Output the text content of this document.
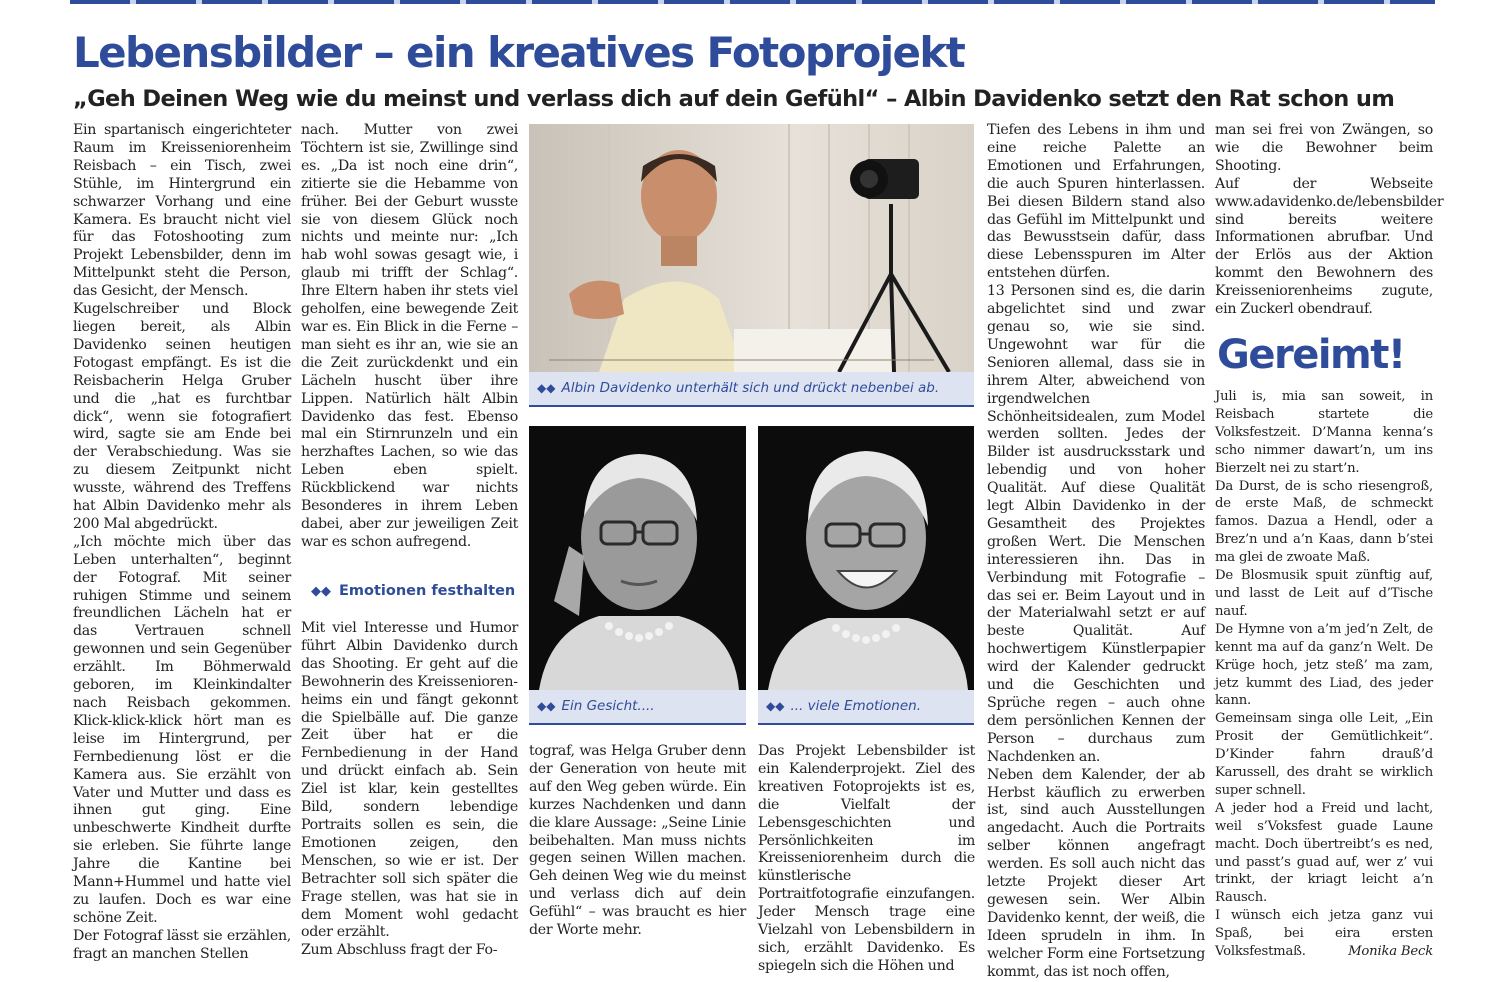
Lebensbilder – ein kreatives Fotoprojekt
„Geh Deinen Weg wie du meinst und verlass dich auf dein Gefühl“ – Albin Davidenko setzt den Rat schon um

Ein spartanisch eingerichteter Raum im Kreisseniorenheim Reisbach – ein Tisch, zwei Stühle, im Hintergrund ein schwarzer Vorhang und eine Kamera. Es braucht nicht viel für das Fotoshooting zum Projekt Lebensbilder, denn im Mittelpunkt steht die Person, das Gesicht, der Mensch.

Kugelschreiber und Block liegen bereit, als Albin Davidenko seinen heutigen Fotogast empfängt. Es ist die Reisbacherin Helga Gruber und die „hat es furchtbar dick“, wenn sie fotografiert wird, sagte sie am Ende bei der Verabschiedung. Was sie zu diesem Zeitpunkt nicht wusste, während des Treffens hat Albin Davidenko mehr als 200 Mal abgedrückt.

„Ich möchte mich über das Leben unterhalten“, beginnt der Fotograf. Mit seiner ruhigen Stimme und seinem freundlichen Lächeln hat er das Vertrauen schnell gewonnen und sein Gegenüber erzählt. Im Böhmerwald geboren, im Kleinkindalter nach Reisbach gekommen. Klick-klick-klick hört man es leise im Hintergrund, per Fernbedienung löst er die Kamera aus. Sie erzählt von Vater und Mutter und dass es ihnen gut ging. Eine unbeschwerte Kindheit durfte sie erleben. Sie führte lange Jahre die Kantine bei Mann+Hummel und hatte viel zu laufen. Doch es war eine schöne Zeit.

Der Fotograf lässt sie erzählen, fragt an manchen Stellen

nach. Mutter von zwei Töchtern ist sie, Zwillinge sind es. „Da ist noch eine drin“, zitierte sie die Hebamme von früher. Bei der Geburt wusste sie von diesem Glück noch nichts und meinte nur: „Ich hab wohl sowas gesagt wie, i glaub mi trifft der Schlag“. Ihre Eltern haben ihr stets viel geholfen, eine bewegende Zeit war es. Ein Blick in die Ferne – man sieht es ihr an, wie sie an die Zeit zurückdenkt und ein Lächeln huscht über ihre Lippen. Natürlich hält Albin Davidenko das fest. Ebenso mal ein Stirnrunzeln und ein herzhaftes Lachen, so wie das Leben eben spielt. Rückblickend war nichts Besonderes in ihrem Leben dabei, aber zur jeweiligen Zeit war es schon aufregend.

◆◆ Emotionen festhalten

Mit viel Interesse und Humor führt Albin Davidenko durch das Shooting. Er geht auf die Bewohnerin des Kreisseniorenheims ein und fängt gekonnt die Spielbälle auf. Die ganze Zeit über hat er die Fernbedienung in der Hand und drückt einfach ab. Sein Ziel ist klar, kein gestelltes Bild, sondern lebendige Portraits sollen es sein, die Emotionen zeigen, den Menschen, so wie er ist. Der Betrachter soll sich später die Frage stellen, was hat sie in dem Moment wohl gedacht oder erzählt.

Zum Abschluss fragt der Fo-

◆◆ Albin Davidenko unterhält sich und drückt nebenbei ab.
◆◆ Ein Gesicht....	◆◆ ... viele Emotionen.

tograf, was Helga Gruber denn der Generation von heute mit auf den Weg geben würde. Ein kurzes Nachdenken und dann die klare Aussage: „Seine Linie beibehalten. Man muss nichts gegen seinen Willen machen. Geh deinen Weg wie du meinst und verlass dich auf dein Gefühl“ – was braucht es hier der Worte mehr.

Das Projekt Lebensbilder ist ein Kalenderprojekt. Ziel des kreativen Fotoprojekts ist es, die Vielfalt der Lebensgeschichten und Persönlichkeiten im Kreisseniorenheim durch die künstlerische Portraitfotografie einzufangen. Jeder Mensch trage eine Vielzahl von Lebensbildern in sich, erzählt Davidenko. Es spiegeln sich die Höhen und

Tiefen des Lebens in ihm und eine reiche Palette an Emotionen und Erfahrungen, die auch Spuren hinterlassen. Bei diesen Bildern stand also das Gefühl im Mittelpunkt und das Bewusstsein dafür, dass diese Lebensspuren im Alter entstehen dürfen.

13 Personen sind es, die darin abgelichtet sind und zwar genau so, wie sie sind. Ungewohnt war für die Senioren allemal, dass sie in ihrem Alter, abweichend von irgendwelchen Schönheitsidealen, zum Model werden sollten. Jedes der Bilder ist ausdrucksstark und lebendig und von hoher Qualität. Auf diese Qualität legt Albin Davidenko in der Gesamtheit des Projektes großen Wert. Die Menschen interessieren ihn. Das in Verbindung mit Fotografie – das sei er. Beim Layout und in der Materialwahl setzt er auf beste Qualität. Auf hochwertigem Künstlerpapier wird der Kalender gedruckt und die Geschichten und Sprüche regen – auch ohne dem persönlichen Kennen der Person – durchaus zum Nachdenken an.

Neben dem Kalender, der ab Herbst käuflich zu erwerben ist, sind auch Ausstellungen angedacht. Auch die Portraits selber können angefragt werden. Es soll auch nicht das letzte Projekt dieser Art gewesen sein. Wer Albin Davidenko kennt, der weiß, die Ideen sprudeln in ihm. In welcher Form eine Fortsetzung kommt, das ist noch offen,

man sei frei von Zwängen, so wie die Bewohner beim Shooting.

Auf der Webseite www.adavidenko.de/lebensbilder sind bereits weitere Informationen abrufbar. Und der Erlös aus der Aktion kommt den Bewohnern des Kreisseniorenheims zugute, ein Zuckerl obendrauf.

Gereimt!

Juli is, mia san soweit, in Reisbach startete die Volksfestzeit. D’Manna kenna’s scho nimmer dawart’n, um ins Bierzelt nei zu start’n.

Da Durst, de is scho riesengroß, de erste Maß, de schmeckt famos. Dazua a Hendl, oder a Brez’n und a’n Kaas, dann b’stei ma glei de zwoate Maß.

De Blosmusik spuit zünftig auf, und lasst de Leit auf d’Tische nauf.

De Hymne von a’m jed’n Zelt, de kennt ma auf da ganz’n Welt. De Krüge hoch, jetz steß’ ma zam, jetz kummt des Liad, des jeder kann.

Gemeinsam singa olle Leit, „Ein Prosit der Gemütlichkeit“. D’Kinder fahrn drauß’d Karussell, des draht se wirklich super schnell.

A jeder hod a Freid und lacht, weil s’Voksfest guade Laune macht. Doch übertreibt’s es ned, und passt’s guad auf, wer z’ vui trinkt, der kriagt leicht a’n Rausch.

I wünsch eich jetza ganz vui Spaß, bei eira ersten Volksfestmaß.	Monika Beck
